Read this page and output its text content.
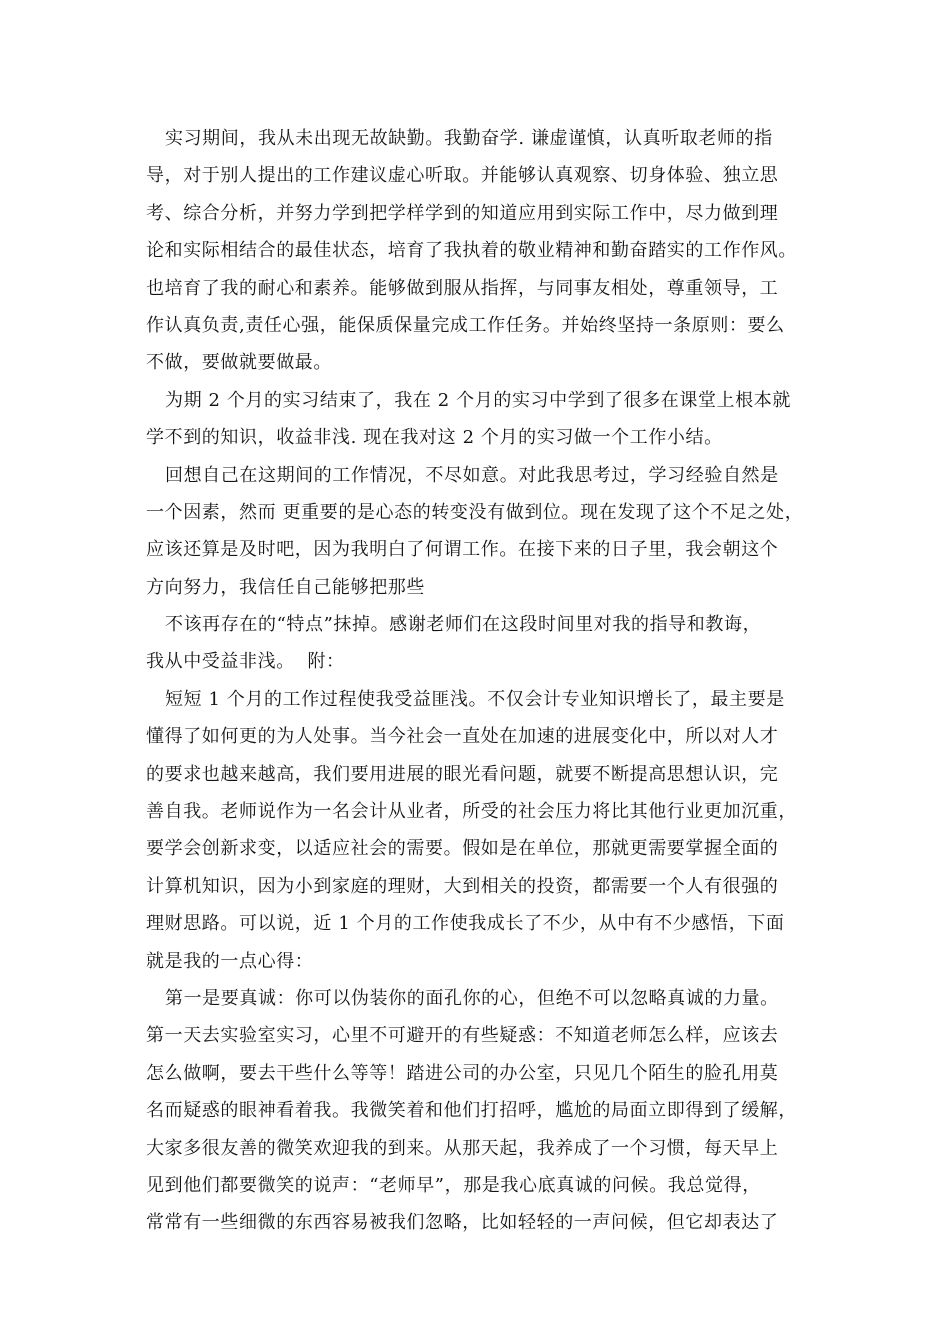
实习期间，我从未出现无故缺勤。我勤奋学. 谦虚谨慎，认真听取老师的指
导，对于别人提出的工作建议虚心听取。并能够认真观察、切身体验、独立思
考、综合分析，并努力学到把学样学到的知道应用到实际工作中，尽力做到理
论和实际相结合的最佳状态，培育了我执着的敬业精神和勤奋踏实的工作作风。
也培育了我的耐心和素养。能够做到服从指挥，与同事友相处，尊重领导，工
作认真负责,责任心强，能保质保量完成工作任务。并始终坚持一条原则：要么
不做，要做就要做最。
为期 2 个月的实习结束了，我在 2 个月的实习中学到了很多在课堂上根本就
学不到的知识，收益非浅. 现在我对这 2 个月的实习做一个工作小结。
回想自己在这期间的工作情况，不尽如意。对此我思考过，学习经验自然是
一个因素，然而 更重要的是心态的转变没有做到位。现在发现了这个不足之处，
应该还算是及时吧，因为我明白了何谓工作。在接下来的日子里，我会朝这个
方向努力，我信任自己能够把那些
不该再存在的“特点”抹掉。感谢老师们在这段时间里对我的指导和教诲，
我从中受益非浅。  附：
短短 1 个月的工作过程使我受益匪浅。不仅会计专业知识增长了，最主要是
懂得了如何更的为人处事。当今社会一直处在加速的进展变化中，所以对人才
的要求也越来越高，我们要用进展的眼光看问题，就要不断提高思想认识，完
善自我。老师说作为一名会计从业者，所受的社会压力将比其他行业更加沉重，
要学会创新求变，以适应社会的需要。假如是在单位，那就更需要掌握全面的
计算机知识，因为小到家庭的理财，大到相关的投资，都需要一个人有很强的
理财思路。可以说，近 1 个月的工作使我成长了不少，从中有不少感悟，下面
就是我的一点心得：
第一是要真诚：你可以伪装你的面孔你的心，但绝不可以忽略真诚的力量。
第一天去实验室实习，心里不可避开的有些疑惑：不知道老师怎么样，应该去
怎么做啊，要去干些什么等等！踏进公司的办公室，只见几个陌生的脸孔用莫
名而疑惑的眼神看着我。我微笑着和他们打招呼，尴尬的局面立即得到了缓解，
大家多很友善的微笑欢迎我的到来。从那天起，我养成了一个习惯，每天早上
见到他们都要微笑的说声：“老师早”，那是我心底真诚的问候。我总觉得，
常常有一些细微的东西容易被我们忽略，比如轻轻的一声问候，但它却表达了
